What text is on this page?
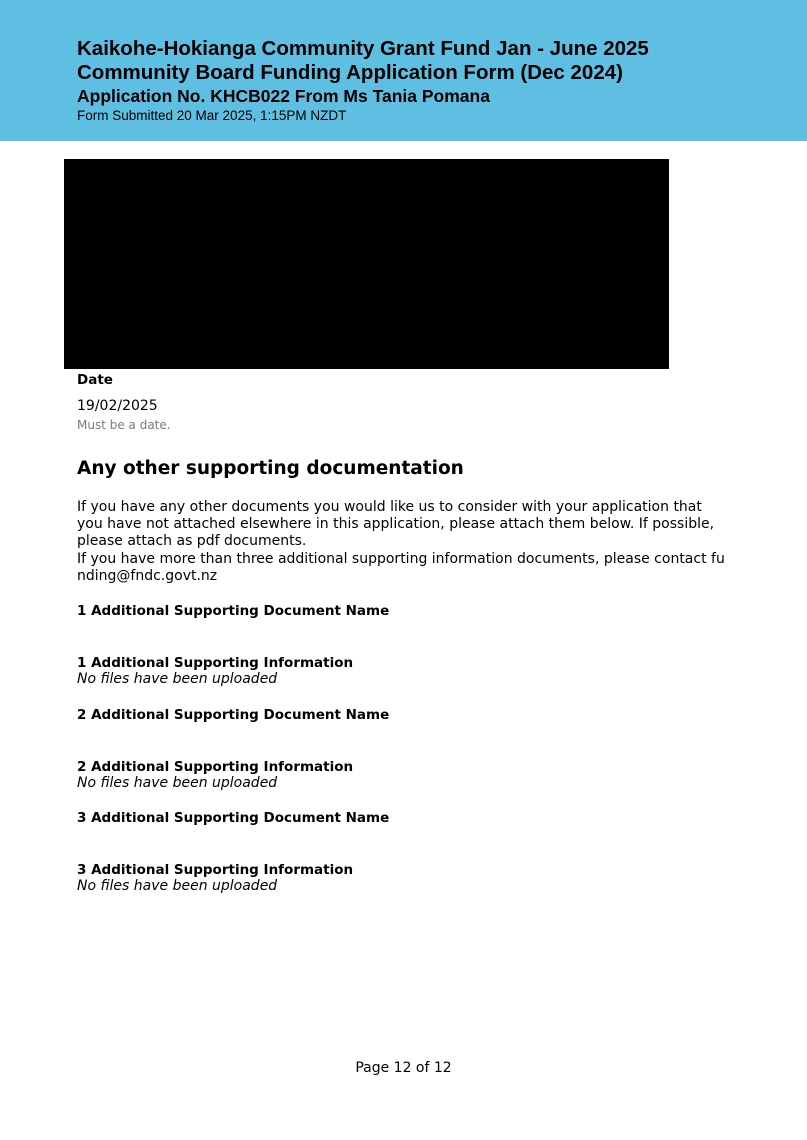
Kaikohe-Hokianga Community Grant Fund Jan - June 2025
Community Board Funding Application Form (Dec 2024)
Application No. KHCB022 From Ms Tania Pomana
Form Submitted 20 Mar 2025, 1:15PM NZDT
Date
19/02/2025
Must be a date.
Any other supporting documentation
If you have any other documents you would like us to consider with your application that you have not attached elsewhere in this application, please attach them below. If possible, please attach as pdf documents.
If you have more than three additional supporting information documents, please contact fu
nding@fndc.govt.nz
1 Additional Supporting Document Name
1 Additional Supporting Information
No files have been uploaded
2 Additional Supporting Document Name
2 Additional Supporting Information
No files have been uploaded
3 Additional Supporting Document Name
3 Additional Supporting Information
No files have been uploaded
Page 12 of 12
